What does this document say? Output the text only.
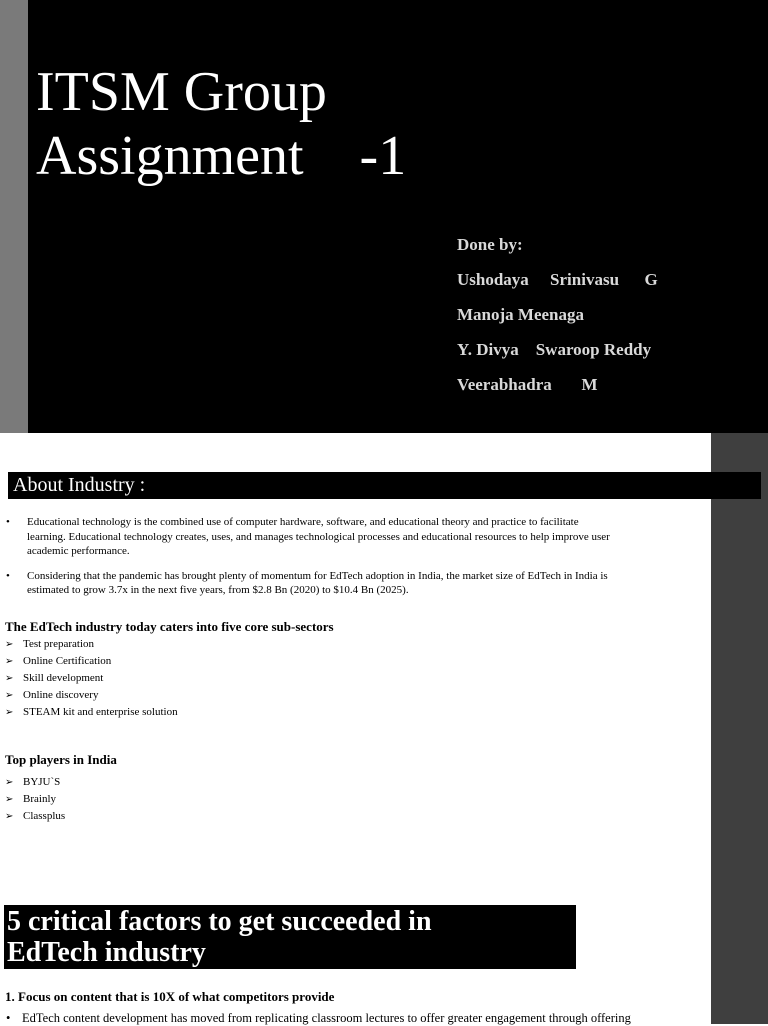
ITSM Group
Assignment    -1
Done by:
Ushodaya     Srinivasu      G
Manoja Meenaga
Y. Divya    Swaroop Reddy
Veerabhadra       M
About Industry :
• Educational technology is the combined use of computer hardware, software, and educational theory and practice to facilitate learning. Educational technology creates, uses, and manages technological processes and educational resources to help improve user academic performance.
• Considering that the pandemic has brought plenty of momentum for EdTech adoption in India, the market size of EdTech in India is estimated to grow 3.7x in the next five years, from $2.8 Bn (2020) to $10.4 Bn (2025).

The EdTech industry today caters into five core sub-sectors

➢ Test preparation
➢ Online Certification
➢ Skill development
➢ Online discovery
➢ STEAM kit and enterprise solution

Top players in India

➢ BYJU`S
➢ Brainly
➢ Classplus
5 critical factors to get succeeded in
EdTech industry

1. Focus on content that is 10X of what competitors provide

• EdTech content development has moved from replicating classroom lectures to offer greater engagement through offering
